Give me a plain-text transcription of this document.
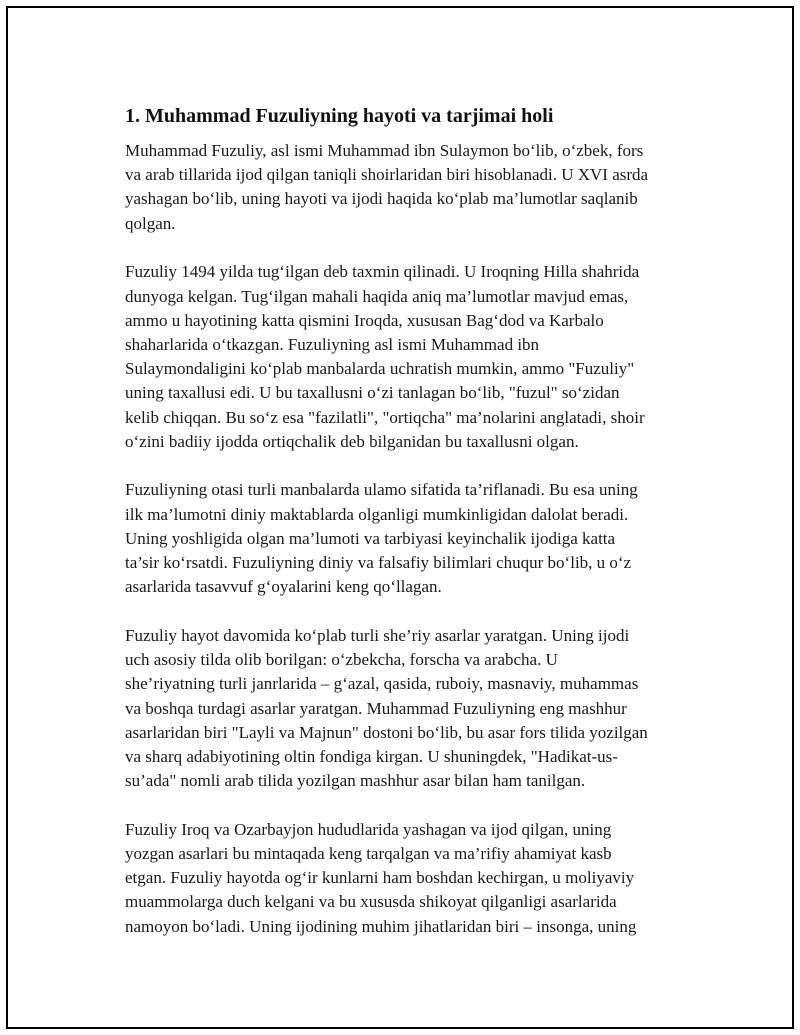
1. Muhammad Fuzuliyning hayoti va tarjimai holi

Muhammad Fuzuliy, asl ismi Muhammad ibn Sulaymon bo‘lib, o‘zbek, fors
va arab tillarida ijod qilgan taniqli shoirlaridan biri hisoblanadi. U XVI asrda
yashagan bo‘lib, uning hayoti va ijodi haqida ko‘plab ma’lumotlar saqlanib
qolgan.

Fuzuliy 1494 yilda tug‘ilgan deb taxmin qilinadi. U Iroqning Hilla shahrida
dunyoga kelgan. Tug‘ilgan mahali haqida aniq ma’lumotlar mavjud emas,
ammo u hayotining katta qismini Iroqda, xususan Bag‘dod va Karbalo
shaharlarida o‘tkazgan. Fuzuliyning asl ismi Muhammad ibn
Sulaymondaligini ko‘plab manbalarda uchratish mumkin, ammo "Fuzuliy"
uning taxallusi edi. U bu taxallusni o‘zi tanlagan bo‘lib, "fuzul" so‘zidan
kelib chiqqan. Bu so‘z esa "fazilatli", "ortiqcha" ma’nolarini anglatadi, shoir
o‘zini badiiy ijodda ortiqchalik deb bilganidan bu taxallusni olgan.

Fuzuliyning otasi turli manbalarda ulamo sifatida ta’riflanadi. Bu esa uning
ilk ma’lumotni diniy maktablarda olganligi mumkinligidan dalolat beradi.
Uning yoshligida olgan ma’lumoti va tarbiyasi keyinchalik ijodiga katta
ta’sir ko‘rsatdi. Fuzuliyning diniy va falsafiy bilimlari chuqur bo‘lib, u o‘z
asarlarida tasavvuf g‘oyalarini keng qo‘llagan.

Fuzuliy hayot davomida ko‘plab turli she’riy asarlar yaratgan. Uning ijodi
uch asosiy tilda olib borilgan: o‘zbekcha, forscha va arabcha. U
she’riyatning turli janrlarida – g‘azal, qasida, ruboiy, masnaviy, muhammas
va boshqa turdagi asarlar yaratgan. Muhammad Fuzuliyning eng mashhur
asarlaridan biri "Layli va Majnun" dostoni bo‘lib, bu asar fors tilida yozilgan
va sharq adabiyotining oltin fondiga kirgan. U shuningdek, "Hadikat-us-
su’ada" nomli arab tilida yozilgan mashhur asar bilan ham tanilgan.

Fuzuliy Iroq va Ozarbayjon hududlarida yashagan va ijod qilgan, uning
yozgan asarlari bu mintaqada keng tarqalgan va ma’rifiy ahamiyat kasb
etgan. Fuzuliy hayotda og‘ir kunlarni ham boshdan kechirgan, u moliyaviy
muammolarga duch kelgani va bu xususda shikoyat qilganligi asarlarida
namoyon bo‘ladi. Uning ijodining muhim jihatlaridan biri – insonga, uning
